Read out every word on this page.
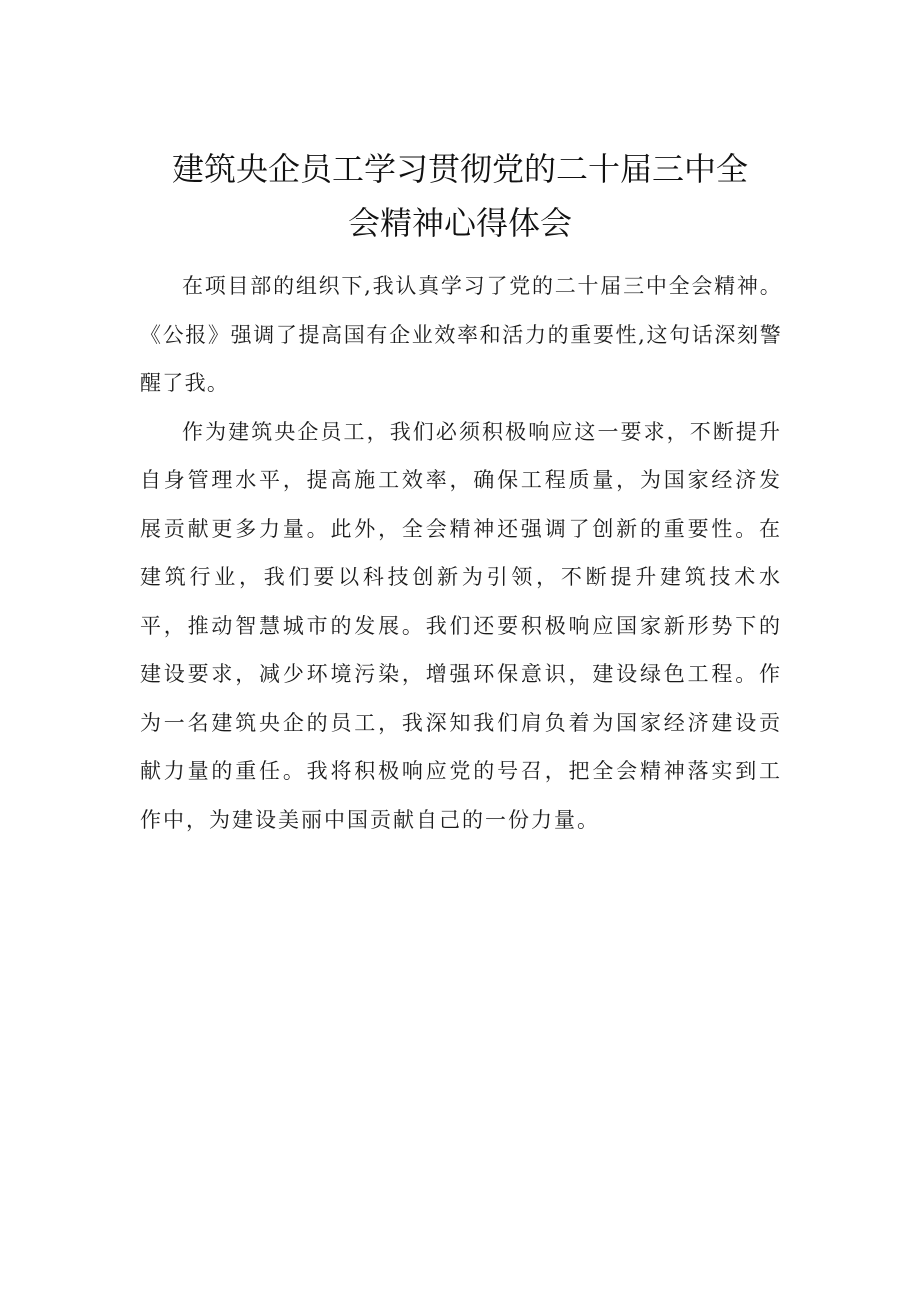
建筑央企员工学习贯彻党的二十届三中全
会精神心得体会

在项目部的组织下,我认真学习了党的二十届三中全会精神。《公报》强调了提高国有企业效率和活力的重要性,这句话深刻警醒了我。

作为建筑央企员工，我们必须积极响应这一要求，不断提升自身管理水平，提高施工效率，确保工程质量，为国家经济发展贡献更多力量。此外，全会精神还强调了创新的重要性。在建筑行业，我们要以科技创新为引领，不断提升建筑技术水平，推动智慧城市的发展。我们还要积极响应国家新形势下的建设要求，减少环境污染，增强环保意识，建设绿色工程。作为一名建筑央企的员工，我深知我们肩负着为国家经济建设贡献力量的重任。我将积极响应党的号召，把全会精神落实到工作中，为建设美丽中国贡献自己的一份力量。
